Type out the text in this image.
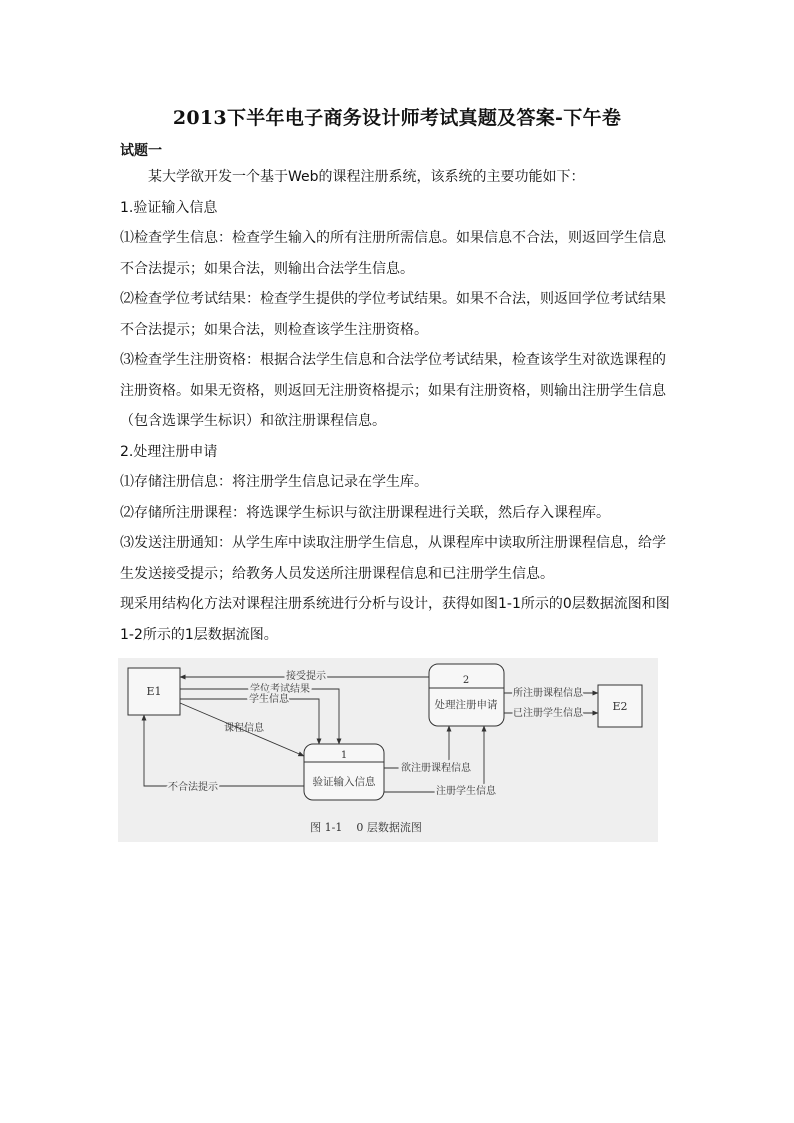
2013下半年电子商务设计师考试真题及答案-下午卷
试题一

某大学欲开发一个基于Web的课程注册系统，该系统的主要功能如下：

1.验证输入信息

⑴检查学生信息：检查学生输入的所有注册所需信息。如果信息不合法，则返回学生信息不合法提示；如果合法，则输出合法学生信息。

⑵检查学位考试结果：检查学生提供的学位考试结果。如果不合法，则返回学位考试结果不合法提示；如果合法，则检查该学生注册资格。

⑶检查学生注册资格：根据合法学生信息和合法学位考试结果，检查该学生对欲选课程的注册资格。如果无资格，则返回无注册资格提示；如果有注册资格，则输出注册学生信息（包含选课学生标识）和欲注册课程信息。

2.处理注册申请

⑴存储注册信息：将注册学生信息记录在学生库。

⑵存储所注册课程：将选课学生标识与欲注册课程进行关联，然后存入课程库。

⑶发送注册通知：从学生库中读取注册学生信息，从课程库中读取所注册课程信息，给学生发送接受提示；给教务人员发送所注册课程信息和已注册学生信息。

现采用结构化方法对课程注册系统进行分析与设计，获得如图1-1所示的0层数据流图和图1-2所示的1层数据流图。

E1
E2
1
验证输入信息
2
处理注册申请
接受提示
学位考试结果
学生信息
课程信息
不合法提示
欲注册课程信息
注册学生信息
所注册课程信息
已注册学生信息
图 1-1    0 层数据流图
